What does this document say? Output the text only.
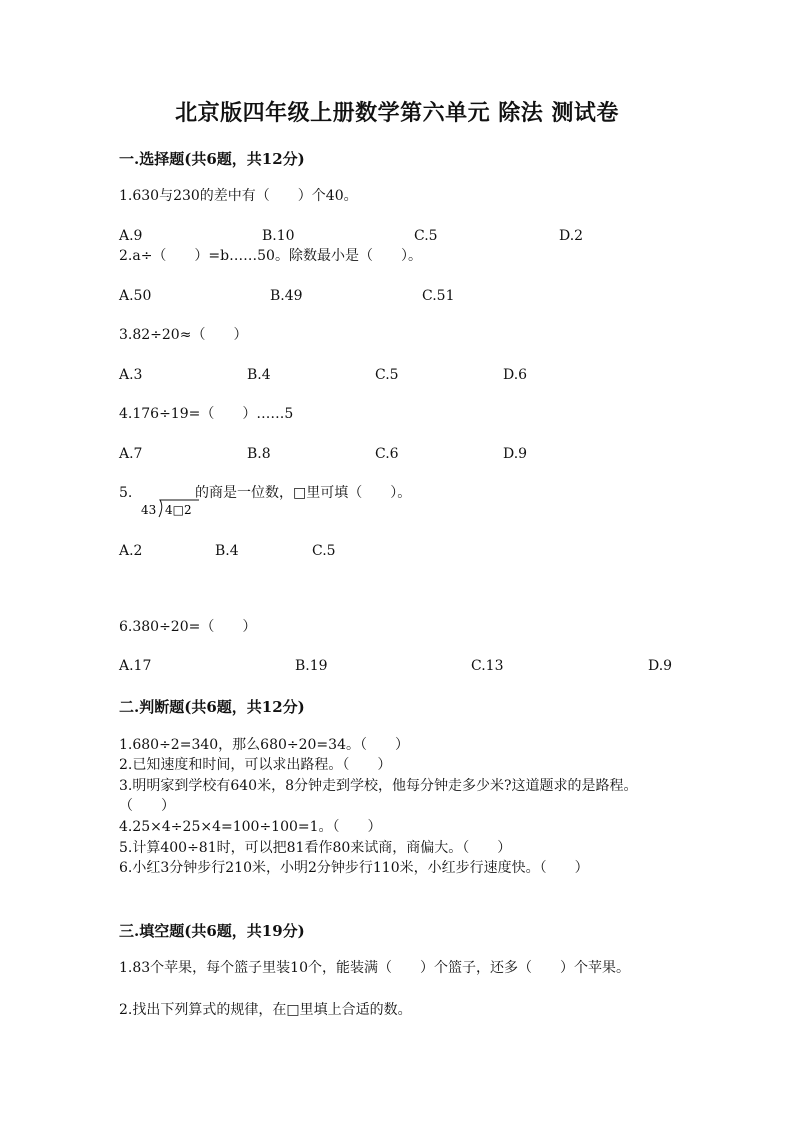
北京版四年级上册数学第六单元 除法 测试卷
一.选择题(共6题，共12分)
1.630与230的差中有（　　）个40。
A.9	B.10	C.5	D.2
2.a÷（　　）=b……50。除数最小是（　　）。
A.50	B.49	C.51
3.82÷20≈（　　）
A.3	B.4	C.5	D.6
4.176÷19=（　　）……5
A.7	B.8	C.6	D.9
5.
43 4□2
的商是一位数，□里可填（　　）。
A.2	B.4	C.5
6.380÷20=（　　）
A.17	B.19	C.13	D.9
二.判断题(共6题，共12分)
1.680÷2=340，那么680÷20=34。（　　）
2.已知速度和时间，可以求出路程。（　　）
3.明明家到学校有640米，8分钟走到学校，他每分钟走多少米?这道题求的是路程。（　　）
4.25×4÷25×4=100÷100=1。（　　）
5.计算400÷81时，可以把81看作80来试商，商偏大。（　　）
6.小红3分钟步行210米，小明2分钟步行110米，小红步行速度快。（　　）
三.填空题(共6题，共19分)
1.83个苹果，每个篮子里装10个，能装满（　　）个篮子，还多（　　）个苹果。
2.找出下列算式的规律，在□里填上合适的数。
